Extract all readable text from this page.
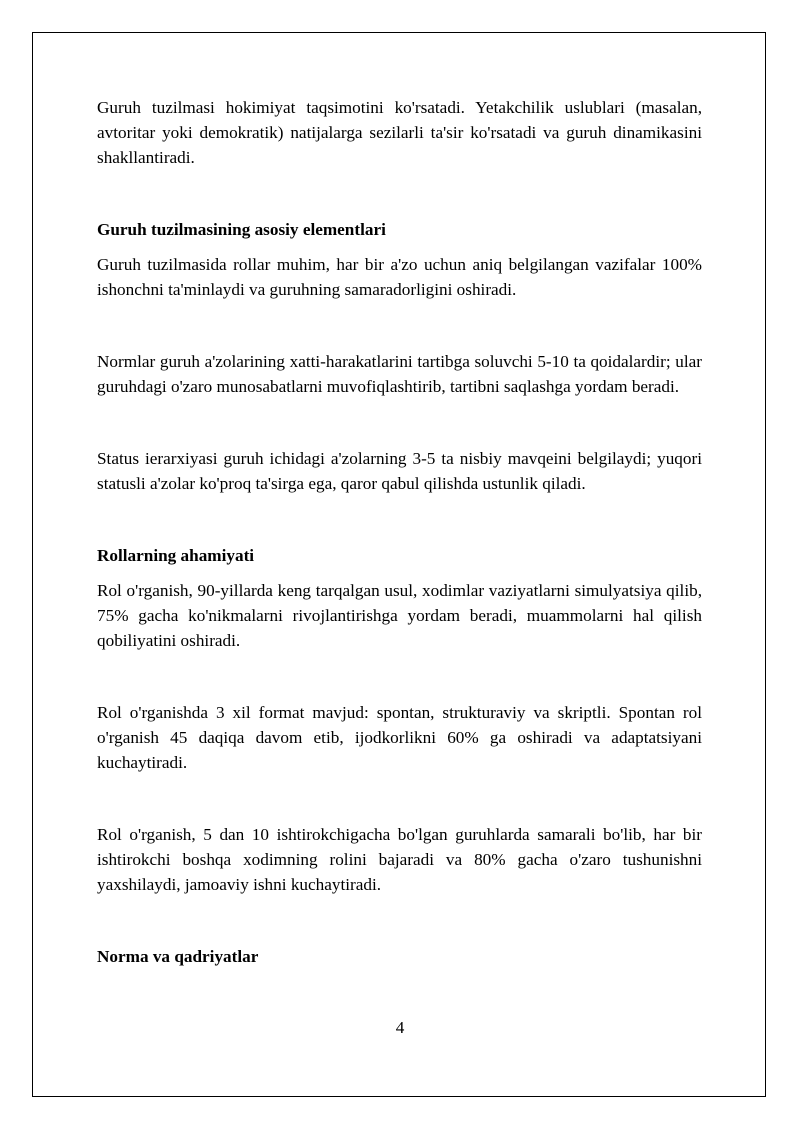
Guruh tuzilmasi hokimiyat taqsimotini ko'rsatadi. Yetakchilik uslublari (masalan, avtoritar yoki demokratik) natijalarga sezilarli ta'sir ko'rsatadi va guruh dinamikasini shakllantiradi.

Guruh tuzilmasining asosiy elementlari

Guruh tuzilmasida rollar muhim, har bir a'zo uchun aniq belgilangan vazifalar 100% ishonchni ta'minlaydi va guruhning samaradorligini oshiradi.

Normlar guruh a'zolarining xatti-harakatlarini tartibga soluvchi 5-10 ta qoidalardir; ular guruhdagi o'zaro munosabatlarni muvofiqlashtirib, tartibni saqlashga yordam beradi.

Status ierarxiyasi guruh ichidagi a'zolarning 3-5 ta nisbiy mavqeini belgilaydi; yuqori statusli a'zolar ko'proq ta'sirga ega, qaror qabul qilishda ustunlik qiladi.

Rollarning ahamiyati

Rol o'rganish, 90-yillarda keng tarqalgan usul, xodimlar vaziyatlarni simulyatsiya qilib, 75% gacha ko'nikmalarni rivojlantirishga yordam beradi, muammolarni hal qilish qobiliyatini oshiradi.

Rol o'rganishda 3 xil format mavjud: spontan, strukturaviy va skriptli. Spontan rol o'rganish 45 daqiqa davom etib, ijodkorlikni 60% ga oshiradi va adaptatsiyani kuchaytiradi.

Rol o'rganish, 5 dan 10 ishtirokchigacha bo'lgan guruhlarda samarali bo'lib, har bir ishtirokchi boshqa xodimning rolini bajaradi va 80% gacha o'zaro tushunishni yaxshilaydi, jamoaviy ishni kuchaytiradi.

Norma va qadriyatlar
4
